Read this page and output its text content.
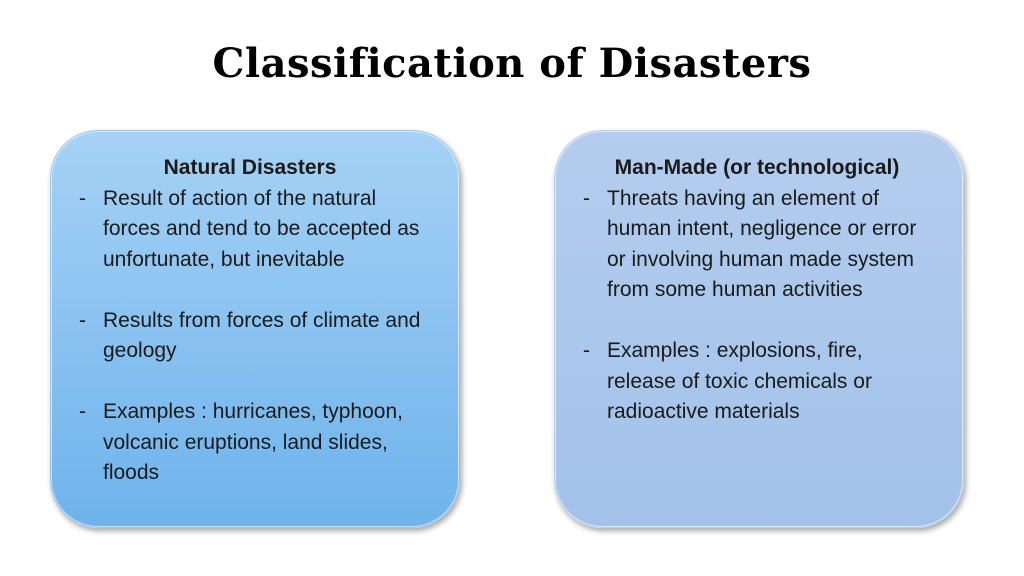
Classification of Disasters

Natural Disasters

- Result of action of the natural forces and tend to be accepted as unfortunate, but inevitable
- Results from forces of climate and geology
- Examples : hurricanes, typhoon, volcanic eruptions, land slides, floods

Man-Made (or technological)

- Threats having an element of human intent, negligence or error or involving human made system from some human activities
- Examples : explosions, fire, release of toxic chemicals or radioactive materials
